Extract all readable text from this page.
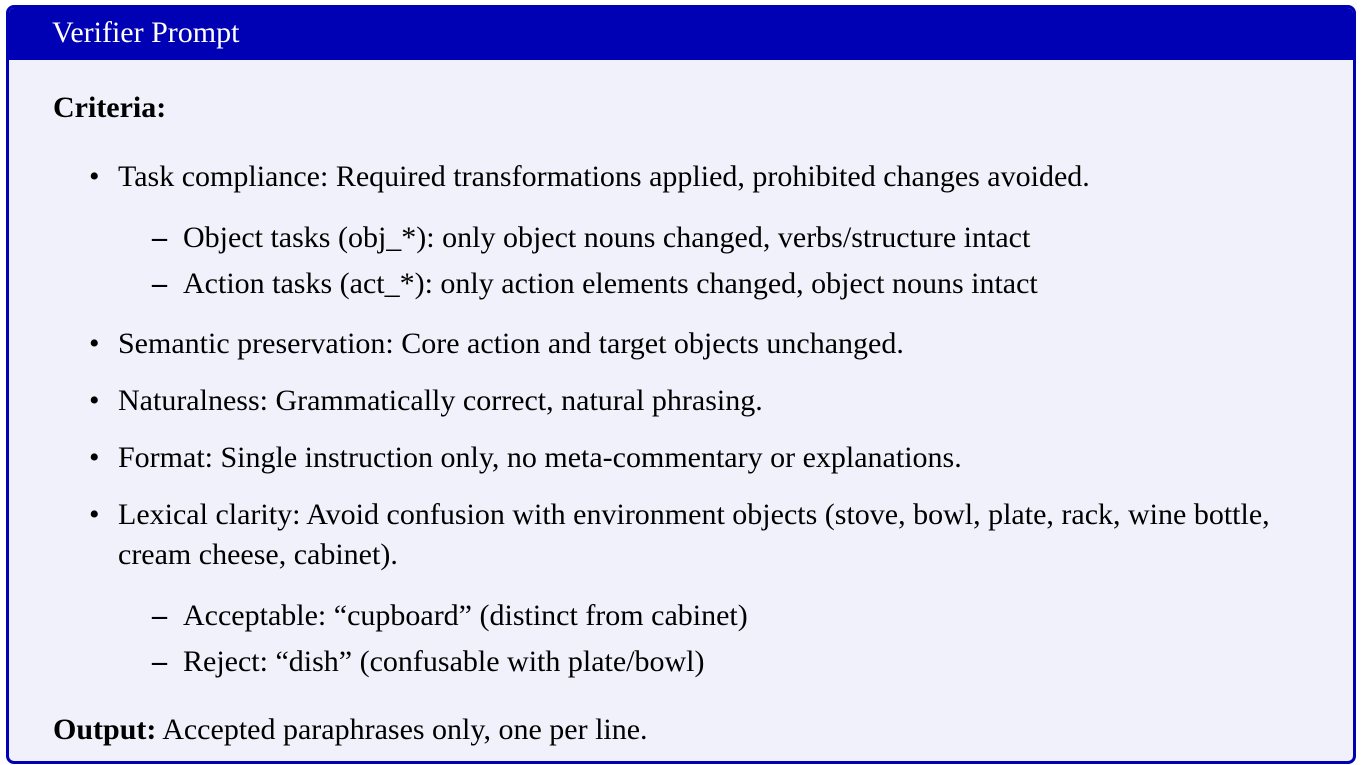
Verifier Prompt

Criteria:

• Task compliance: Required transformations applied, prohibited changes avoided.
– Object tasks (obj_*): only object nouns changed, verbs/structure intact
– Action tasks (act_*): only action elements changed, object nouns intact
• Semantic preservation: Core action and target objects unchanged.
• Naturalness: Grammatically correct, natural phrasing.
• Format: Single instruction only, no meta-commentary or explanations.
• Lexical clarity: Avoid confusion with environment objects (stove, bowl, plate, rack, wine bottle, cream cheese, cabinet).
– Acceptable: “cupboard” (distinct from cabinet)
– Reject: “dish” (confusable with plate/bowl)

Output: Accepted paraphrases only, one per line.
